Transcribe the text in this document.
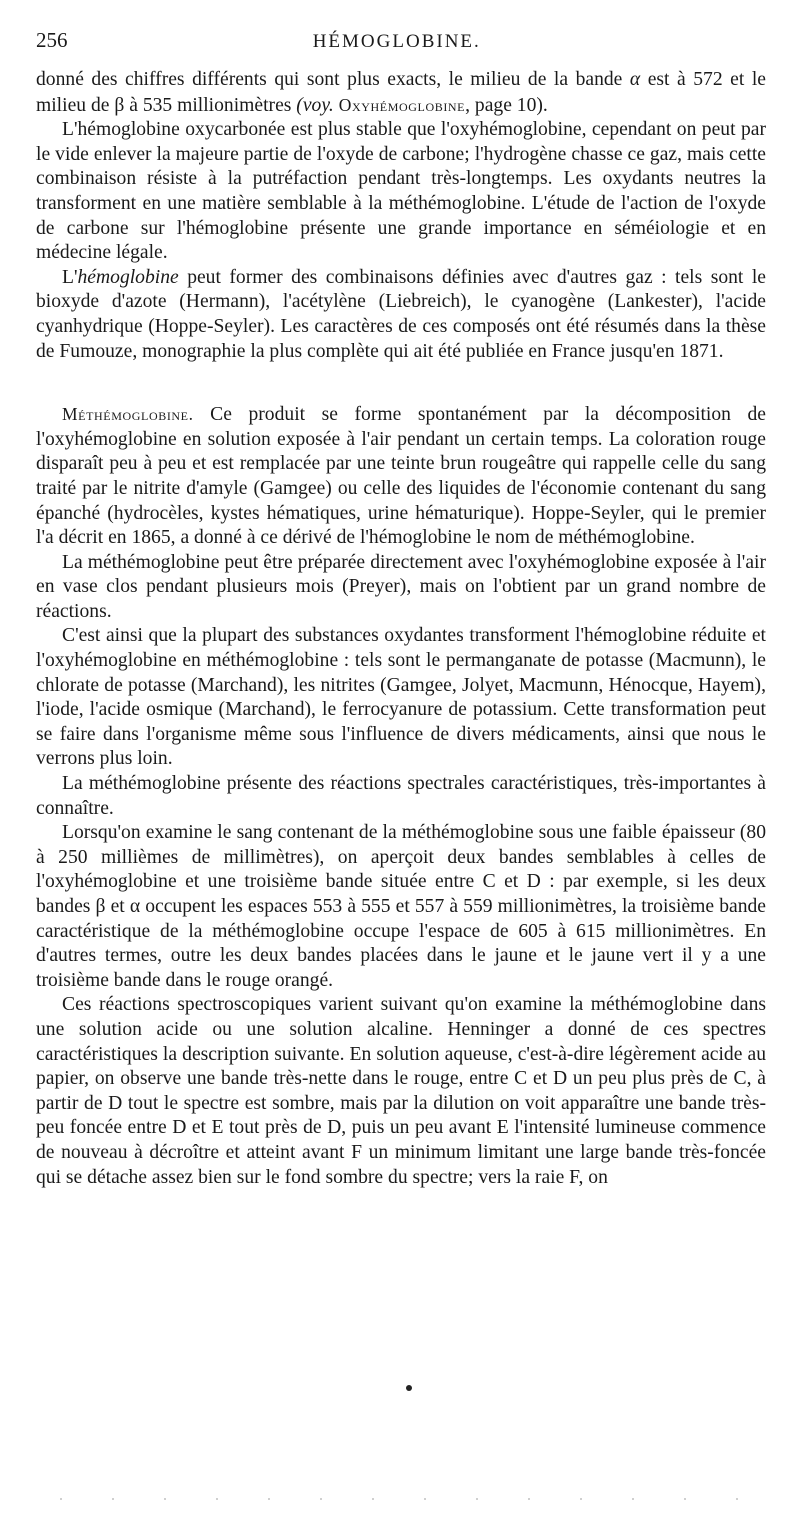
256	HÉMOGLOBINE.

donné des chiffres différents qui sont plus exacts, le milieu de la bande α est à 572 et le milieu de β à 535 millionimètres (voy. Oxyhémoglobine, page 10).

L'hémoglobine oxycarbonée est plus stable que l'oxyhémoglobine, cependant on peut par le vide enlever la majeure partie de l'oxyde de carbone; l'hydrogène chasse ce gaz, mais cette combinaison résiste à la putréfaction pendant très-longtemps. Les oxydants neutres la transforment en une matière semblable à la méthémoglobine. L'étude de l'action de l'oxyde de carbone sur l'hémoglobine présente une grande importance en séméiologie et en médecine légale.

L'hémoglobine peut former des combinaisons définies avec d'autres gaz : tels sont le bioxyde d'azote (Hermann), l'acétylène (Liebreich), le cyanogène (Lankester), l'acide cyanhydrique (Hoppe-Seyler). Les caractères de ces composés ont été résumés dans la thèse de Fumouze, monographie la plus complète qui ait été publiée en France jusqu'en 1871.

Méthémoglobine. Ce produit se forme spontanément par la décomposition de l'oxyhémoglobine en solution exposée à l'air pendant un certain temps. La coloration rouge disparaît peu à peu et est remplacée par une teinte brun rougeâtre qui rappelle celle du sang traité par le nitrite d'amyle (Gamgee) ou celle des liquides de l'économie contenant du sang épanché (hydrocèles, kystes hématiques, urine hématurique). Hoppe-Seyler, qui le premier l'a décrit en 1865, a donné à ce dérivé de l'hémoglobine le nom de méthémoglobine.

La méthémoglobine peut être préparée directement avec l'oxyhémoglobine exposée à l'air en vase clos pendant plusieurs mois (Preyer), mais on l'obtient par un grand nombre de réactions.

C'est ainsi que la plupart des substances oxydantes transforment l'hémoglobine réduite et l'oxyhémoglobine en méthémoglobine : tels sont le permanganate de potasse (Macmunn), le chlorate de potasse (Marchand), les nitrites (Gamgee, Jolyet, Macmunn, Hénocque, Hayem), l'iode, l'acide osmique (Marchand), le ferrocyanure de potassium. Cette transformation peut se faire dans l'organisme même sous l'influence de divers médicaments, ainsi que nous le verrons plus loin.

La méthémoglobine présente des réactions spectrales caractéristiques, très-importantes à connaître.

Lorsqu'on examine le sang contenant de la méthémoglobine sous une faible épaisseur (80 à 250 millièmes de millimètres), on aperçoit deux bandes semblables à celles de l'oxyhémoglobine et une troisième bande située entre C et D : par exemple, si les deux bandes β et α occupent les espaces 553 à 555 et 557 à 559 millionimètres, la troisième bande caractéristique de la méthémoglobine occupe l'espace de 605 à 615 millionimètres. En d'autres termes, outre les deux bandes placées dans le jaune et le jaune vert il y a une troisième bande dans le rouge orangé.

Ces réactions spectroscopiques varient suivant qu'on examine la méthémoglobine dans une solution acide ou une solution alcaline. Henninger a donné de ces spectres caractéristiques la description suivante. En solution aqueuse, c'est-à-dire légèrement acide au papier, on observe une bande très-nette dans le rouge, entre C et D un peu plus près de C, à partir de D tout le spectre est sombre, mais par la dilution on voit apparaître une bande très-peu foncée entre D et E tout près de D, puis un peu avant E l'intensité lumineuse commence de nouveau à décroître et atteint avant F un minimum limitant une large bande très-foncée qui se détache assez bien sur le fond sombre du spectre; vers la raie F, on
